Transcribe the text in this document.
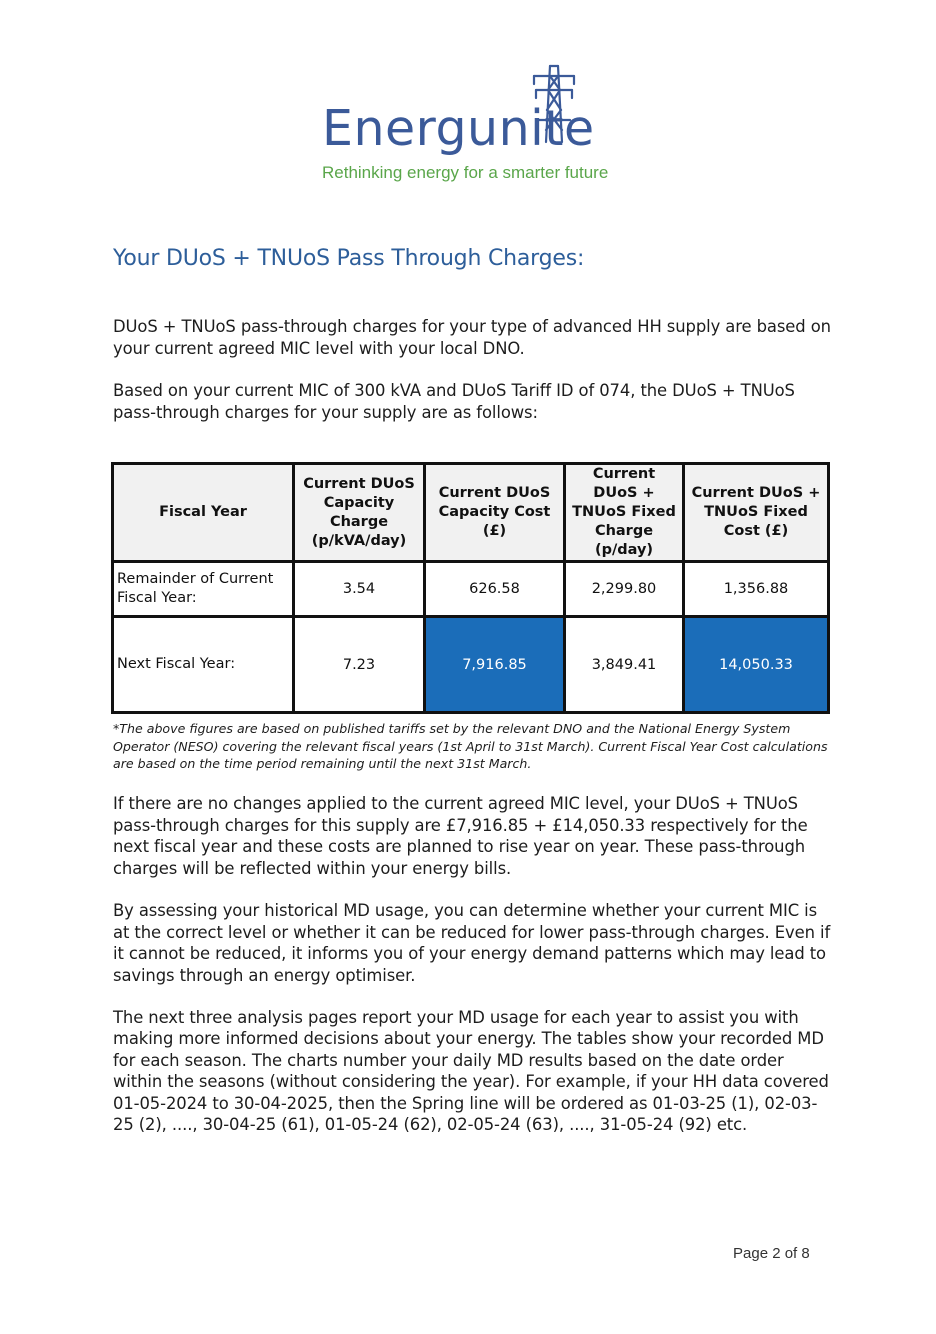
Energunite
Rethinking energy for a smarter future
Your DUoS + TNUoS Pass Through Charges:

DUoS + TNUoS pass-through charges for your type of advanced HH supply are based on your current agreed MIC level with your local DNO.

Based on your current MIC of 300 kVA and DUoS Tariff ID of 074, the DUoS + TNUoS pass-through charges for your supply are as follows:

Fiscal Year	Current DUoS Capacity Charge (p/kVA/day)	Current DUoS Capacity Cost (£)	Current DUoS + TNUoS Fixed Charge (p/day)	Current DUoS + TNUoS Fixed Cost (£)
Remainder of Current Fiscal Year:	3.54	626.58	2,299.80	1,356.88
Next Fiscal Year:	7.23	7,916.85	3,849.41	14,050.33

*The above figures are based on published tariffs set by the relevant DNO and the National Energy System Operator (NESO) covering the relevant fiscal years (1st April to 31st March). Current Fiscal Year Cost calculations are based on the time period remaining until the next 31st March.

If there are no changes applied to the current agreed MIC level, your DUoS + TNUoS pass-through charges for this supply are £7,916.85 + £14,050.33 respectively for the next fiscal year and these costs are planned to rise year on year. These pass-through charges will be reflected within your energy bills.

By assessing your historical MD usage, you can determine whether your current MIC is at the correct level or whether it can be reduced for lower pass-through charges. Even if it cannot be reduced, it informs you of your energy demand patterns which may lead to savings through an energy optimiser.

The next three analysis pages report your MD usage for each year to assist you with making more informed decisions about your energy. The tables show your recorded MD for each season. The charts number your daily MD results based on the date order within the seasons (without considering the year). For example, if your HH data covered 01-05-2024 to 30-04-2025, then the Spring line will be ordered as 01-03-25 (1), 02-03-25 (2), ...., 30-04-25 (61), 01-05-24 (62), 02-05-24 (63), ...., 31-05-24 (92) etc.

Page 2 of 8
